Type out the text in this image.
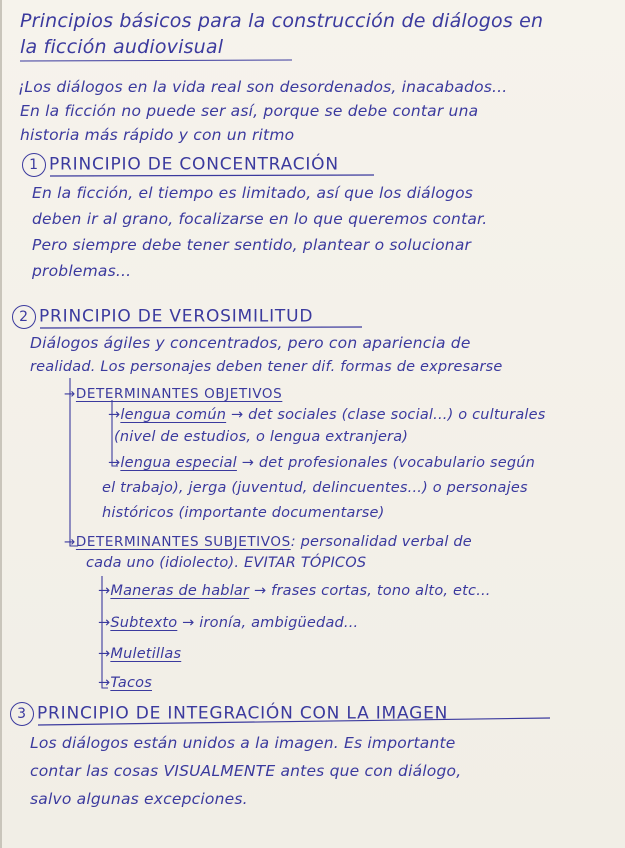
Principios básicos para la construcción de diálogos en
la ficción audiovisual
¡Los diálogos en la vida real son desordenados, inacabados...
En la ficción no puede ser así, porque se debe contar una
historia más rápido y con un ritmo
1 PRINCIPIO DE CONCENTRACIÓN
En la ficción, el tiempo es limitado, así que los diálogos
deben ir al grano, focalizarse en lo que queremos contar.
Pero siempre debe tener sentido, plantear o solucionar
problemas...
2 PRINCIPIO DE VEROSIMILITUD
Diálogos ágiles y concentrados, pero con apariencia de
realidad. Los personajes deben tener dif. formas de expresarse
→DETERMINANTES OBJETIVOS
→lengua común → det sociales (clase social...) o culturales
(nivel de estudios, o lengua extranjera)
→lengua especial → det profesionales (vocabulario según
el trabajo), jerga (juventud, delincuentes...) o personajes
históricos (importante documentarse)
→DETERMINANTES SUBJETIVOS: personalidad verbal de
cada uno (idiolecto). EVITAR TÓPICOS
→Maneras de hablar → frases cortas, tono alto, etc...
→Subtexto → ironía, ambigüedad...
→Muletillas
→Tacos
3 PRINCIPIO DE INTEGRACIÓN CON LA IMAGEN
Los diálogos están unidos a la imagen. Es importante
contar las cosas VISUALMENTE antes que con diálogo,
salvo algunas excepciones.
